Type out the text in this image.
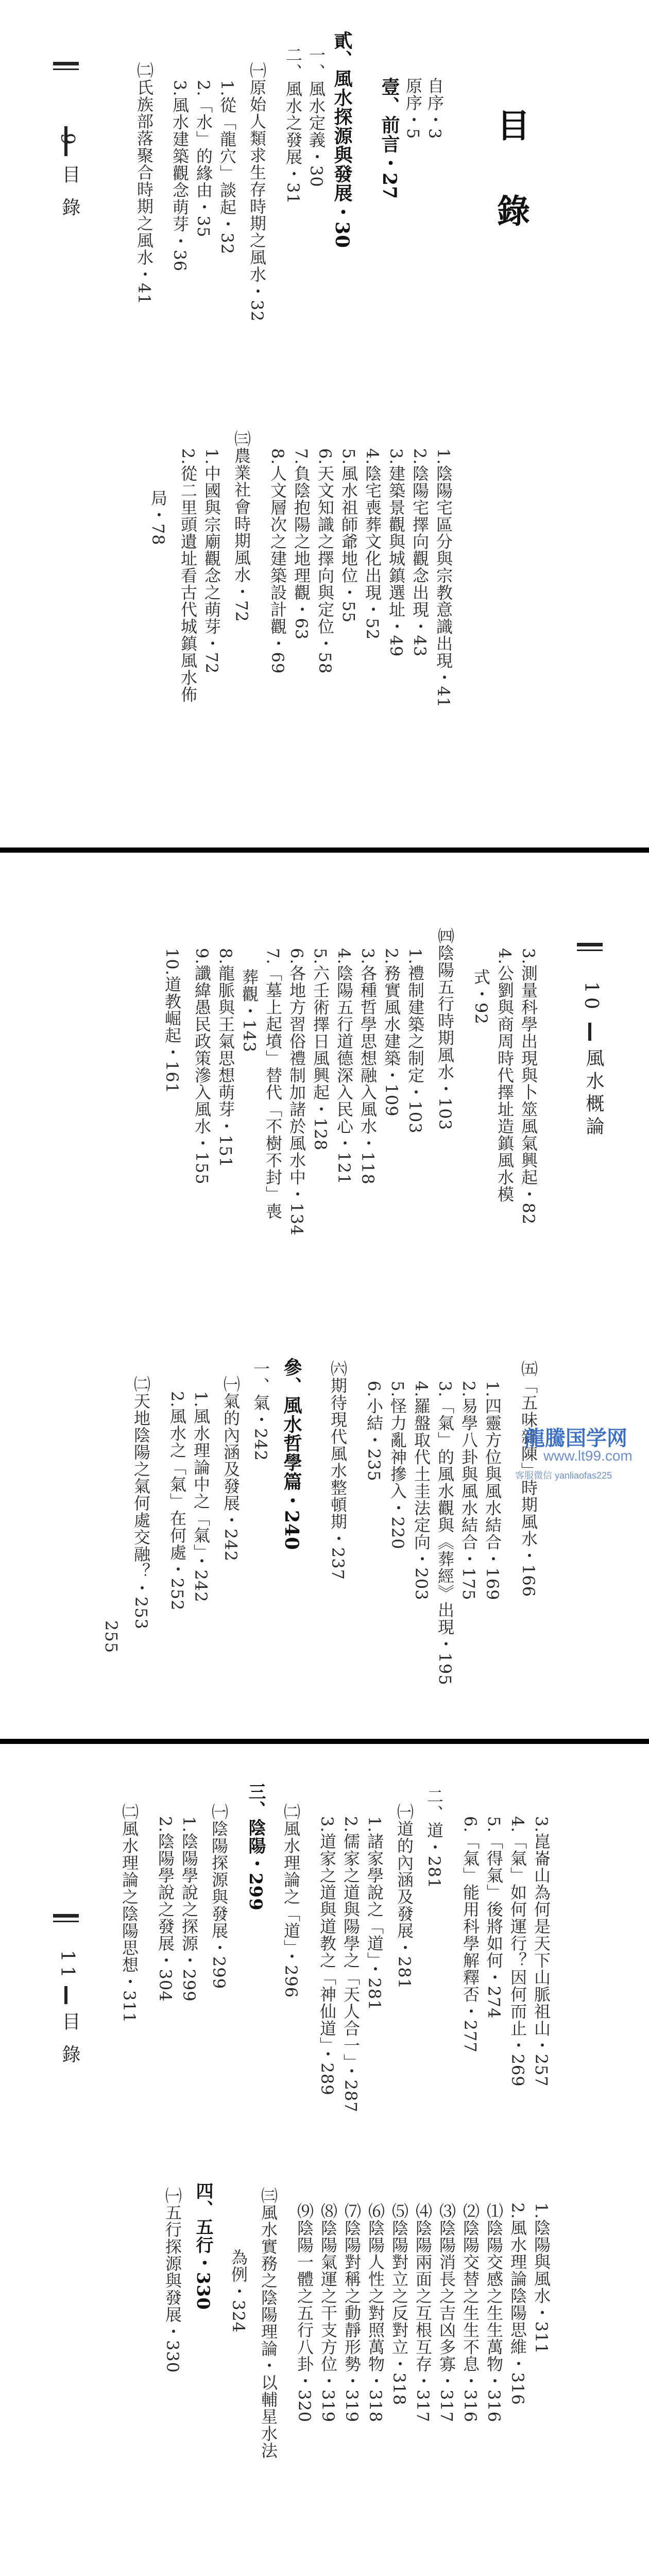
目 錄
自序・3
原序・5
壹、前言・27
貳、風水探源與發展・30
一、風水定義・30
二、風水之發展・31
㈠原始人類求生存時期之風水・32
1.從「龍穴」談起・32
2.「水」的緣由・35
3.風水建築觀念萌芽・36
㈡氏族部落聚合時期之風水・41
1.陰陽宅區分與宗教意識出現・41
2.陰陽宅擇向觀念出現・43
3.建築景觀與城鎮選址・49
4.陰宅喪葬文化出現・52
5.風水祖師爺地位・55
6.天文知識之擇向與定位・58
7.負陰抱陽之地理觀・63
8.人文層次之建築設計觀・69
㈢農業社會時期風水・72
1.中國與宗廟觀念之萌芽・72
2.從二里頭遺址看古代城鎮風水佈
局・78
目 錄
3.測量科學出現與卜筮風氣興起・82
4.公劉與商周時代擇址造鎮風水模
式・92
㈣陰陽五行時期風水・103
1.禮制建築之制定・103
2.務實風水建築・109
3.各種哲學思想融入風水・118
4.陰陽五行道德深入民心・121
5.六壬術擇日風興起・128
6.各地方習俗禮制加諸於風水中・134
7.「墓上起墳」替代「不樹不封」喪
葬觀・143
8.龍脈與王氣思想萌芽・151
9.讖緯愚民政策滲入風水・155
10.道教崛起・161
㈤「五味雜陳」時期風水・166
1.四靈方位與風水結合・169
2.易學八卦與風水結合・175
3.「氣」的風水觀與《葬經》出現・195
4.羅盤取代土圭法定向・203
5.怪力亂神摻入・220
6.小結・235
㈥期待現代風水整頓期・237
參、風水哲學篇・240
一、氣・242
㈠氣的內涵及發展・242
1.風水理論中之「氣」・242
2.風水之「氣」在何處・252
㈡天地陰陽之氣何處交融？・253
255
10
風水概論
龍騰国学网
www.lt99.com
客服微信 yanliaofas225
3.崑崙山為何是天下山脈祖山・257
4.「氣」如何運行？因何而止・269
5.「得氣」後將如何・274
6.「氣」能用科學解釋否・277
二、道・281
㈠道的內涵及發展・281
1.諸家學說之「道」・281
2.儒家之道與陽學之「天人合一」・287
3.道家之道與道教之「神仙道」・289
㈡風水理論之「道」・296
三、陰陽・299
㈠陰陽探源與發展・299
1.陰陽學說之探源・299
2.陰陽學說之發展・304
㈡風水理論之陰陽思想・311
1.陰陽與風水・311
2.風水理論陰陽思維・316
⑴陰陽交感之生生萬物・316
⑵陰陽交替之生生不息・316
⑶陰陽消長之吉凶多寡・317
⑷陰陽兩面之互根互存・317
⑸陰陽對立之反對立・318
⑹陰陽人性之對照萬物・318
⑺陰陽對稱之動靜形勢・319
⑻陰陽氣運之干支方位・319
⑼陰陽一體之五行八卦・320
㈢風水實務之陰陽理論・以輔星水法
為例・324
四、五行・330
㈠五行探源與發展・330
11
目 錄
